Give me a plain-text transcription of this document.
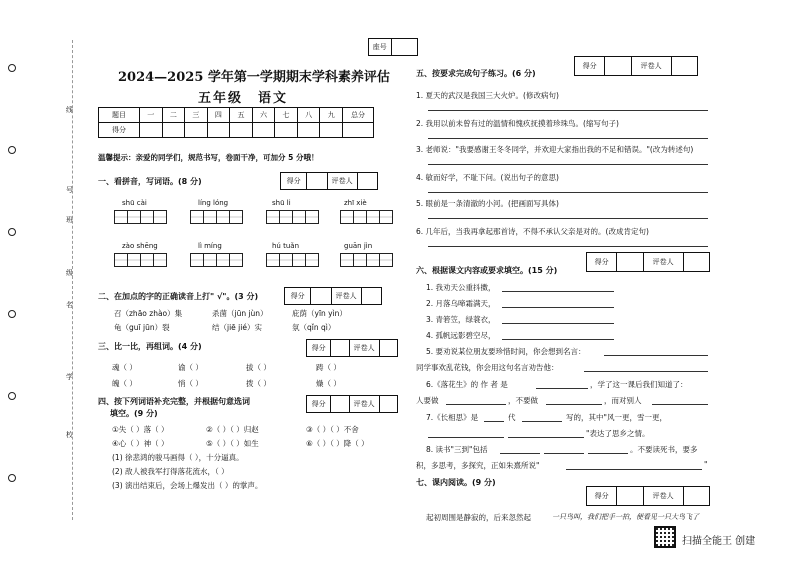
线
号
班
级
名
学
校
座号
2024—2025 学年第一学期期末学科素养评估
五年级 语文
题目	一	二	三	四	五	六	七	八	九	总分
得分										
温馨提示：亲爱的同学们，规范书写，卷面干净，可加分 5 分哦！
一、看拼音，写词语。(8 分)	得分	评卷人
shū cài	líng lóng	shū li	zhī xiè
zào shēng	lì míng	hú tuǎn	guān jìn
二、在加点的字的正确读音上打" √"。(3 分)	得分	评卷人
召（zhāo zhào）集	杀菌（jūn jùn）	庇荫（yīn yìn）
龟（guī jūn）裂	结（jiē jié）实	氛（qǐn qì）
三、比一比，再组词。(4 分)	得分	评卷人
魂（ ）	谕（ ）	拔（ ）	踌（ ）
魄（ ）	悄（ ）	拨（ ）	燥（ ）
四、按下列词语补充完整，并根据句意选词
填空。(9 分)
得分	评卷人
①失（ ）落（ ）	②（ ）（ ）归赵	③（ ）（ ）不舍
④心（ ）神（ ）	⑤（ ）（ ）如生	⑥（ ）（ ）降（ ）
(1) 徐悲鸿的骏马画得（ ），十分逼真。
(2) 敌人被我军打得落花流水，（ ）
(3) 演出结束后，会场上爆发出（ ）的掌声。
得分	评卷人
五、按要求完成句子练习。(6 分)
1. 夏天的武汉是我国三大火炉。(修改病句)
2. 我用以前未曾有过的温情和愧疚抚摸着珍珠鸟。(缩写句子)
3. 老师说："我要感谢王冬冬同学，并欢迎大家指出我的不足和错误。"(改为转述句)
4. 敏而好学，不耻下问。(说出句子的意思)
5. 眼前是一条清澈的小河。(把画面写具体)
6. 几年后，当我再拿起那首诗，不得不承认父亲是对的。(改成肯定句)
得分	评卷人
六、根据课文内容或要求填空。(15 分)
1. 我劝天公重抖擞，
2. 月落乌啼霜满天，
3. 青箬笠，绿蓑衣，
4. 孤帆远影碧空尽，
5. 要劝说某位朋友要珍惜时间，你会想到名言：
同学事欢乱花钱，你会用这句名言劝告他：
6.《落花生》的 作 者 是	，学了这一课后我们知道了：
人要做	，不要做	，而对别人
7.《长相思》是	代	写的，其中"风一更，雪一更，
"表达了思乡之情。
8. 读书"三到"包括	。不要读死书，要多
积，多思考，多探究，正如朱熹所说"	"
七、课内阅读。(9 分)
得分	评卷人
起初周围是静寂的，后来忽然起	一只鸟叫，我们把手一拍，便看见一只大鸟飞了
扫描全能王 创建
